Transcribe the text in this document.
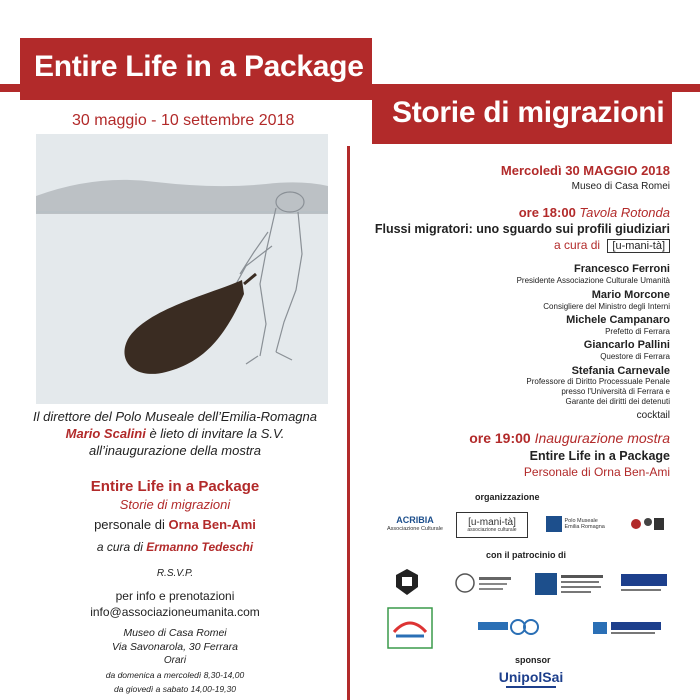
Entire Life in a Package
Storie di migrazioni
30 maggio - 10 settembre 2018
Il direttore del Polo Museale dell’Emilia-Romagna
Mario Scalini è lieto di invitare la S.V.
all’inaugurazione della mostra
Entire Life in a Package
Storie di migrazioni
personale di Orna Ben-Ami
a cura di Ermanno Tedeschi
R.S.V.P.
per info e prenotazioni
info@associazioneumanita.com
Museo di Casa Romei
Via Savonarola, 30 Ferrara
Orari
da domenica a mercoledì 8,30-14,00
da giovedì a sabato 14,00-19,30
Mercoledì 30 MAGGIO 2018
Museo di Casa Romei
ore 18:00 Tavola Rotonda
Flussi migratori: uno sguardo sui profili giudiziari
a cura di [u-mani-tà]
Francesco Ferroni
Presidente Associazione Culturale Umanità
Mario Morcone
Consigliere del Ministro degli Interni
Michele Campanaro
Prefetto di Ferrara
Giancarlo Pallini
Questore di Ferrara
Stefania Carnevale
Professore di Diritto Processuale Penale
presso l'Università di Ferrara e
Garante dei diritti dei detenuti
cocktail
ore 19:00 Inaugurazione mostra
Entire Life in a Package
Personale di Orna Ben-Ami
organizzazione
ACRIBIA
Associazione Culturale
[u-mani-tà]
associazione culturale
Polo Museale Emilia Romagna
con il patrocinio di
sponsor
UnipolSai
